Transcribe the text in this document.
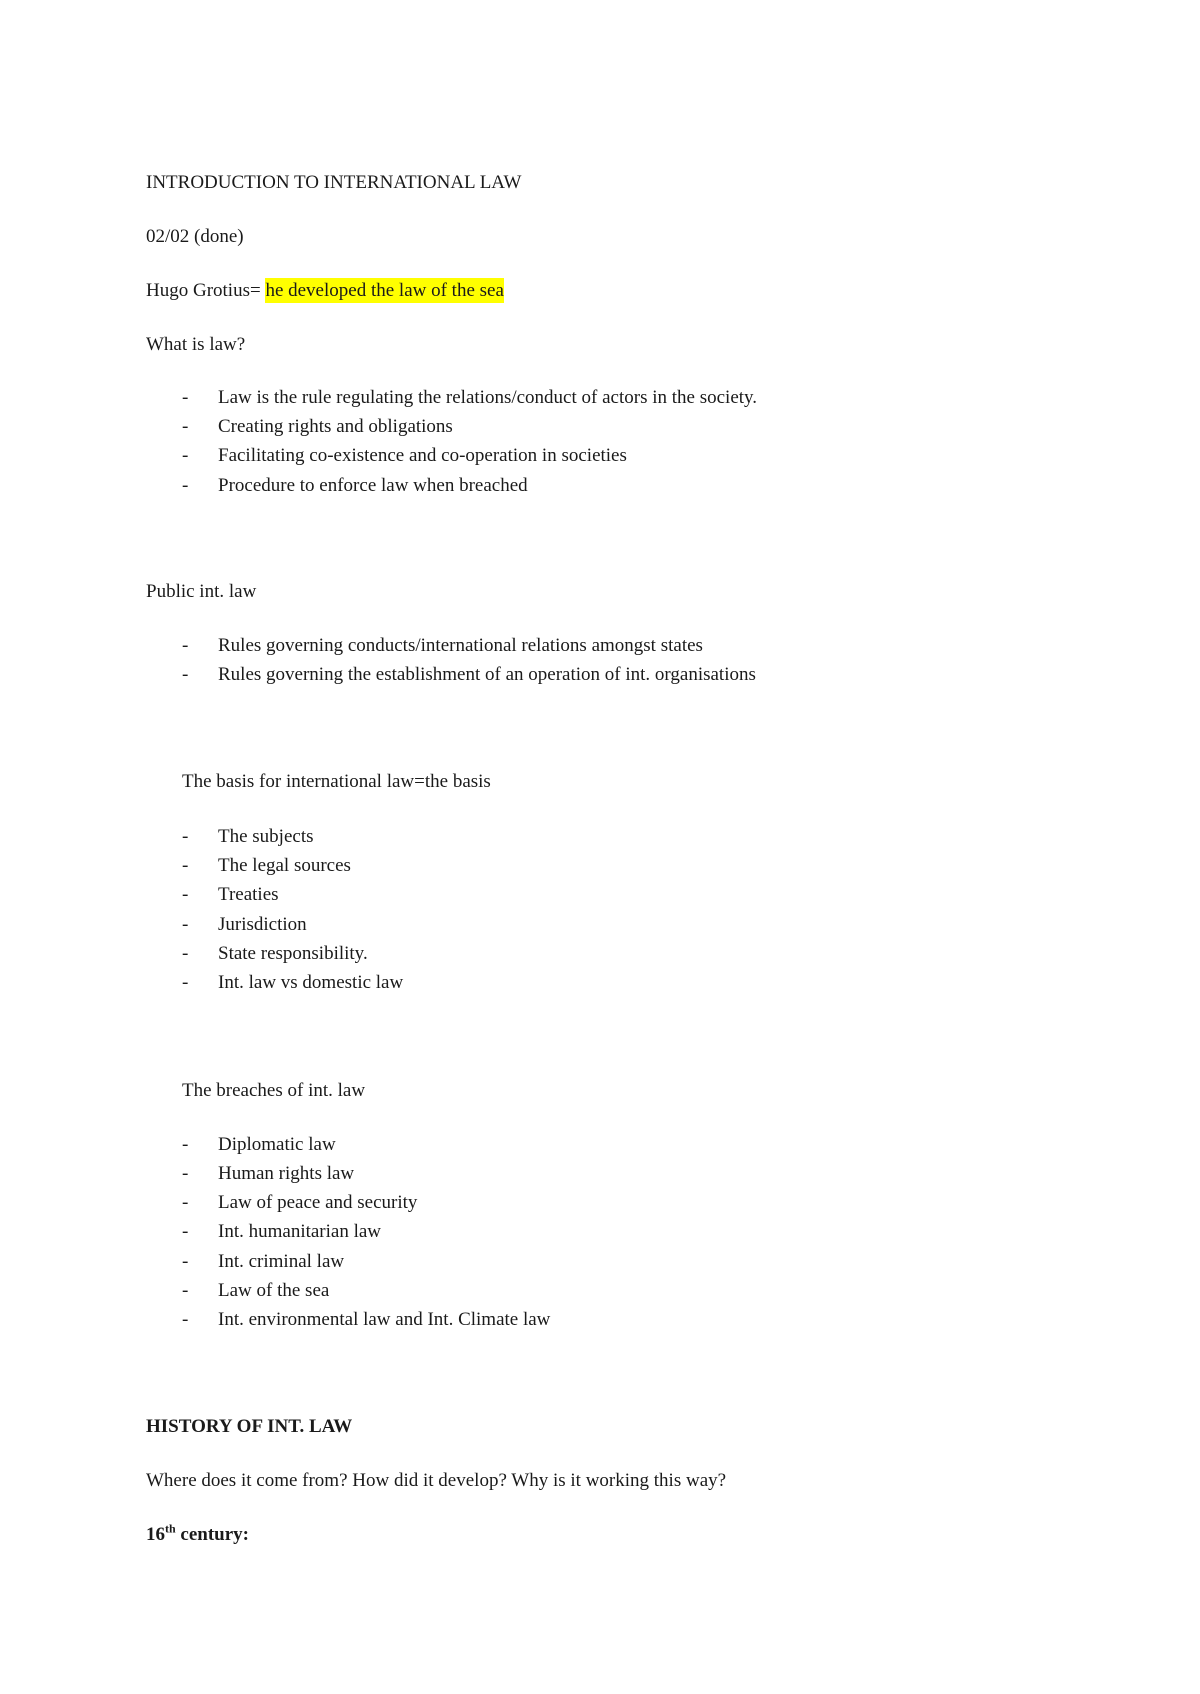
INTRODUCTION TO INTERNATIONAL LAW
02/02 (done)
Hugo Grotius= he developed the law of the sea
What is law?
- Law is the rule regulating the relations/conduct of actors in the society.
- Creating rights and obligations
- Facilitating co-existence and co-operation in societies
- Procedure to enforce law when breached
Public int. law
- Rules governing conducts/international relations amongst states
- Rules governing the establishment of an operation of int. organisations
The basis for international law=the basis
- The subjects
- The legal sources
- Treaties
- Jurisdiction
- State responsibility.
- Int. law vs domestic law
The breaches of int. law
- Diplomatic law
- Human rights law
- Law of peace and security
- Int. humanitarian law
- Int. criminal law
- Law of the sea
- Int. environmental law and Int. Climate law
HISTORY OF INT. LAW
Where does it come from? How did it develop? Why is it working this way?
16th century:
